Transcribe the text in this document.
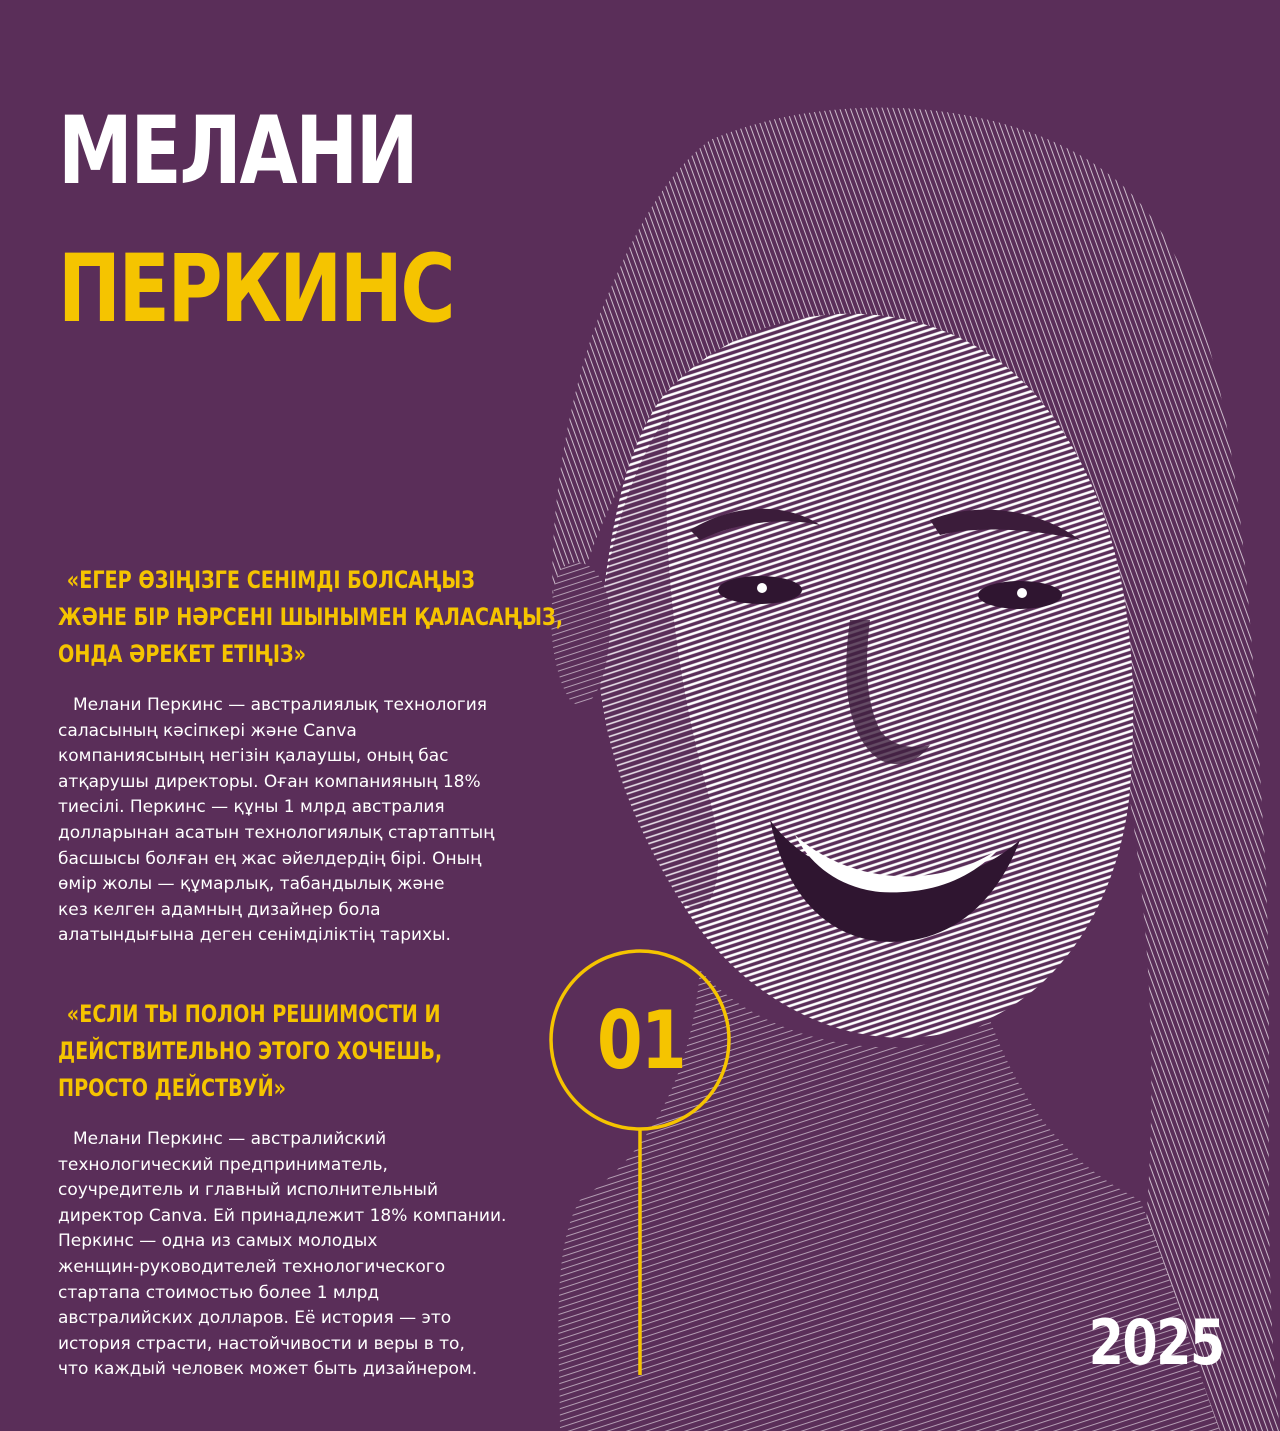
МЕЛАНИ
ПЕРКИНС

«ЕГЕР ӨЗІҢІЗГЕ СЕНІМДІ БОЛСАҢЫЗ
ЖӘНЕ БІР НӘРСЕНІ ШЫНЫМЕН ҚАЛАСАҢЫЗ,
ОНДА ӘРЕКЕТ ЕТІҢІЗ»

Мелани Перкинс — австралиялық технология
саласының кәсіпкері және Canva
компаниясының негізін қалаушы, оның бас
атқарушы директоры. Оған компанияның 18%
тиесілі. Перкинс — құны 1 млрд австралия
долларынан асатын технологиялық стартаптың
басшысы болған ең жас әйелдердің бірі. Оның
өмір жолы — құмарлық, табандылық және
кез келген адамның дизайнер бола
алатындығына деген сенімділіктің тарихы.

«ЕСЛИ ТЫ ПОЛОН РЕШИМОСТИ И
ДЕЙСТВИТЕЛЬНО ЭТОГО ХОЧЕШЬ,
ПРОСТО ДЕЙСТВУЙ»

Мелани Перкинс — австралийский
технологический предприниматель,
соучредитель и главный исполнительный
директор Canva. Ей принадлежит 18% компании.
Перкинс — одна из самых молодых
женщин-руководителей технологического
стартапа стоимостью более 1 млрд
австралийских долларов. Её история — это
история страсти, настойчивости и веры в то,
что каждый человек может быть дизайнером.

01
2025
